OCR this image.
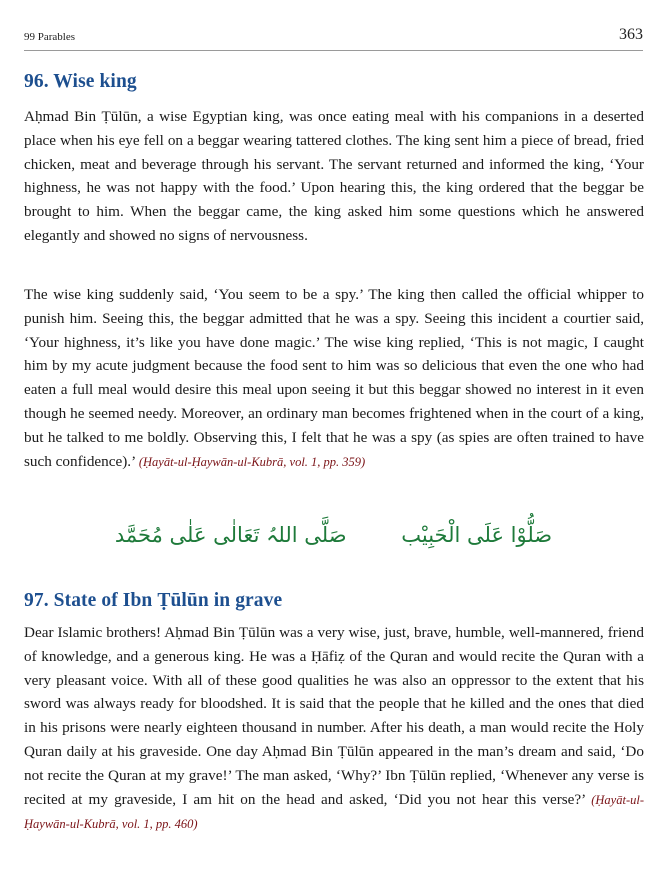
99 Parables	363
96. Wise king

Aḥmad Bin Ṭūlūn, a wise Egyptian king, was once eating meal with his companions in a deserted place when his eye fell on a beggar wearing tattered clothes. The king sent him a piece of bread, fried chicken, meat and beverage through his servant. The servant returned and informed the king, ‘Your highness, he was not happy with the food.’ Upon hearing this, the king ordered that the beggar be brought to him. When the beggar came, the king asked him some questions which he answered elegantly and showed no signs of nervousness.

The wise king suddenly said, ‘You seem to be a spy.’ The king then called the official whipper to punish him. Seeing this, the beggar admitted that he was a spy. Seeing this incident a courtier said, ‘Your highness, it’s like you have done magic.’ The wise king replied, ‘This is not magic, I caught him by my acute judgment because the food sent to him was so delicious that even the one who had eaten a full meal would desire this meal upon seeing it but this beggar showed no interest in it even though he seemed needy. Moreover, an ordinary man becomes frightened when in the court of a king, but he talked to me boldly. Observing this, I felt that he was a spy (as spies are often trained to have such confidence).’ (Ḥayāt-ul-Ḥaywān-ul-Kubrā, vol. 1, pp. 359)

صَلُّوْا عَلَی الْحَبِیْب صَلَّی اللہُ تَعَالٰی عَلٰی مُحَمَّد
97. State of Ibn Ṭūlūn in grave

Dear Islamic brothers! Aḥmad Bin Ṭūlūn was a very wise, just, brave, humble, well-mannered, friend of knowledge, and a generous king. He was a Ḥāfiẓ of the Quran and would recite the Quran with a very pleasant voice. With all of these good qualities he was also an oppressor to the extent that his sword was always ready for bloodshed. It is said that the people that he killed and the ones that died in his prisons were nearly eighteen thousand in number. After his death, a man would recite the Holy Quran daily at his graveside. One day Aḥmad Bin Ṭūlūn appeared in the man’s dream and said, ‘Do not recite the Quran at my grave!’ The man asked, ‘Why?’ Ibn Ṭūlūn replied, ‘Whenever any verse is recited at my graveside, I am hit on the head and asked, ‘Did you not hear this verse?’ (Ḥayāt-ul-Ḥaywān-ul-Kubrā, vol. 1, pp. 460)
